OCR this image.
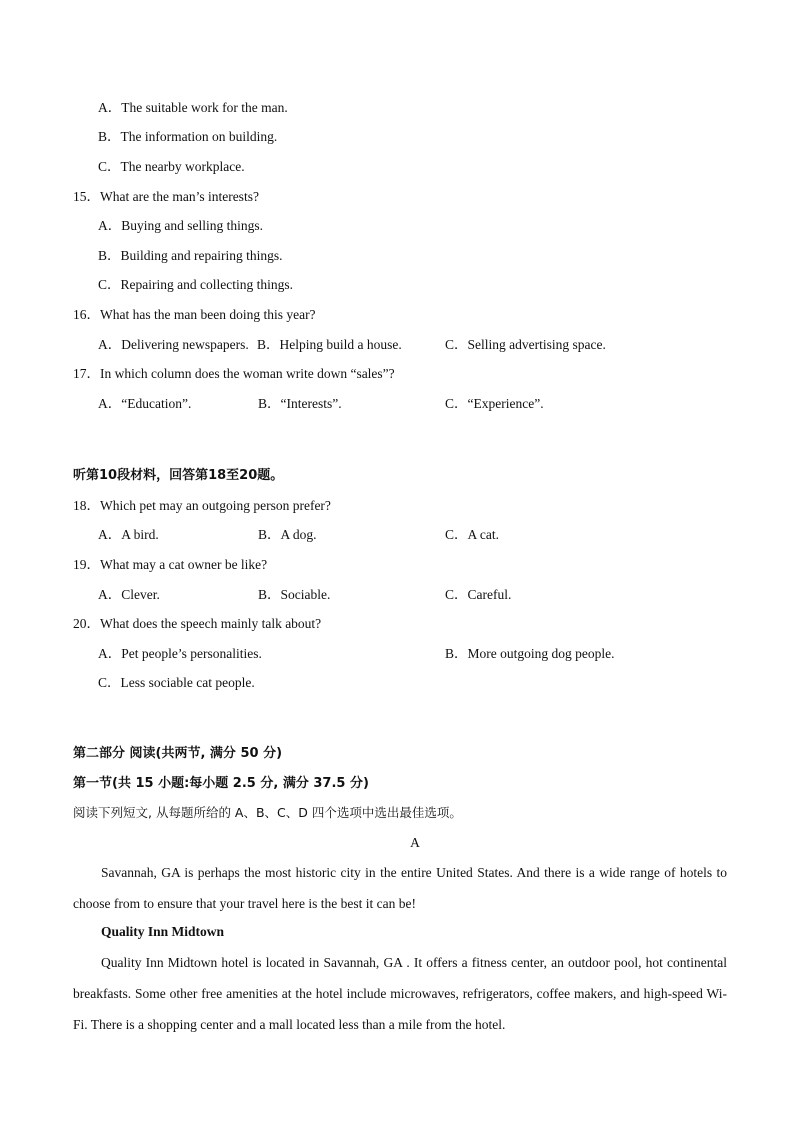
A．The suitable work for the man.
B．The information on building.
C．The nearby workplace.
15．What are the man’s interests?
A．Buying and selling things.
B．Building and repairing things.
C．Repairing and collecting things.
16．What has the man been doing this year?
A．Delivering newspapers. B．Helping build a house.	C．Selling advertising space.
17．In which column does the woman write down “sales”?
A．“Education”.	B．“Interests”.	C．“Experience”.
听第10段材料，回答第18至20题。
18．Which pet may an outgoing person prefer?
A．A bird.	B．A dog.	C．A cat.
19．What may a cat owner be like?
A．Clever.	B．Sociable.	C．Careful.
20．What does the speech mainly talk about?
A．Pet people’s personalities.	B．More outgoing dog people.
C．Less sociable cat people.
第二部分 阅读(共两节, 满分 50 分)
第一节(共 15 小题:每小题 2.5 分, 满分 37.5 分)
阅读下列短文, 从每题所给的 A、B、C、D 四个选项中选出最佳选项。
A
Savannah, GA is perhaps the most historic city in the entire United States. And there is a wide range of hotels to choose from to ensure that your travel here is the best it can be!
Quality Inn Midtown
Quality Inn Midtown hotel is located in Savannah, GA . It offers a fitness center, an outdoor pool, hot continental breakfasts. Some other free amenities at the hotel include microwaves, refrigerators, coffee makers, and high-speed Wi-Fi. There is a shopping center and a mall located less than a mile from the hotel.
